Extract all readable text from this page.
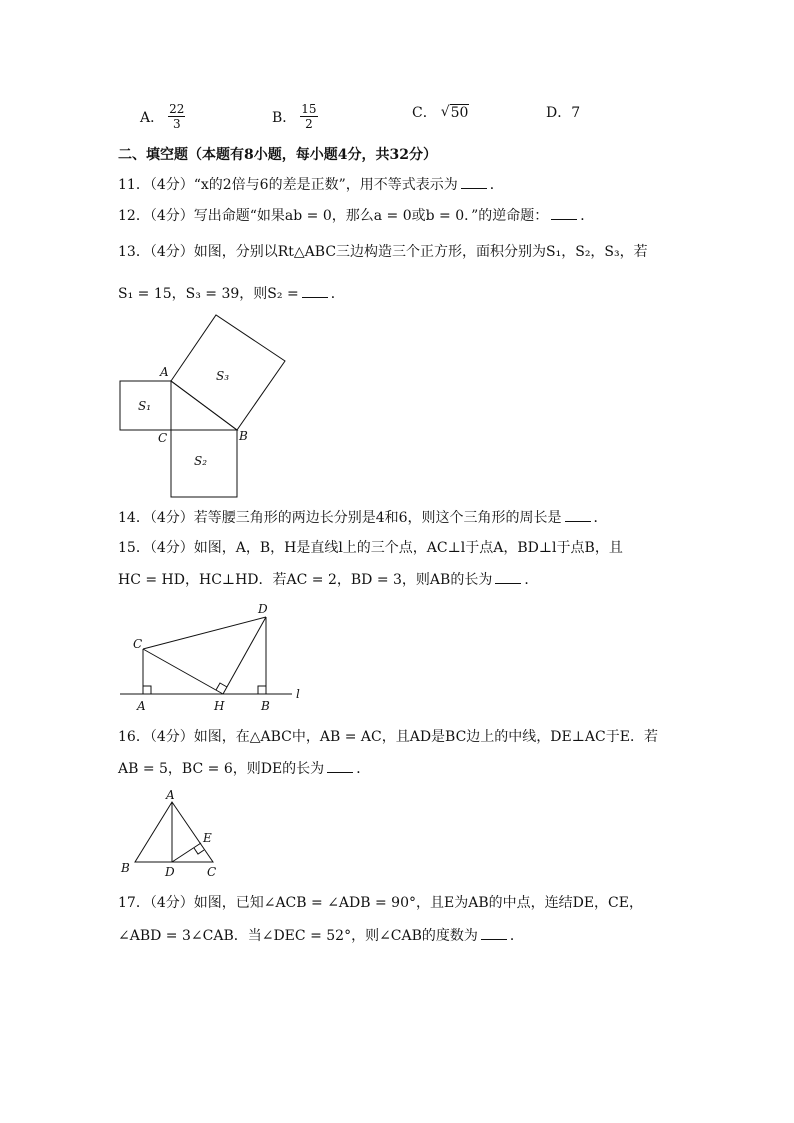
A． $\frac{22}{3}$	B． $\frac{15}{2}$	C． √ 50	D．7
二、填空题（本题有8小题，每小题4分，共32分）
11．（4分）“x的2倍与6的差是正数”，用不等式表示为 ．
12．（4分）写出命题“如果ab = 0，那么a = 0或b = 0．”的逆命题： ．
13．（4分）如图，分别以Rt△ABC三边构造三个正方形，面积分别为S₁，S₂，S₃，若
S₁ = 15，S₃ = 39，则S₂ = ．
A
B
C
S₁
S₂
S₃
14．（4分）若等腰三角形的两边长分别是4和6，则这个三角形的周长是 ．
15．（4分）如图，A，B，H是直线l上的三个点，AC⊥l于点A，BD⊥l于点B，且
HC = HD，HC⊥HD．若AC = 2，BD = 3，则AB的长为 ．
C
D
A	H	B
l
16．（4分）如图，在△ABC中，AB = AC，且AD是BC边上的中线，DE⊥AC于E．若
AB = 5，BC = 6，则DE的长为 ．
A
B	C
D
E
17．（4分）如图，已知∠ACB = ∠ADB = 90°，且E为AB的中点，连结DE，CE，
∠ABD = 3∠CAB．当∠DEC = 52°，则∠CAB的度数为 ．
